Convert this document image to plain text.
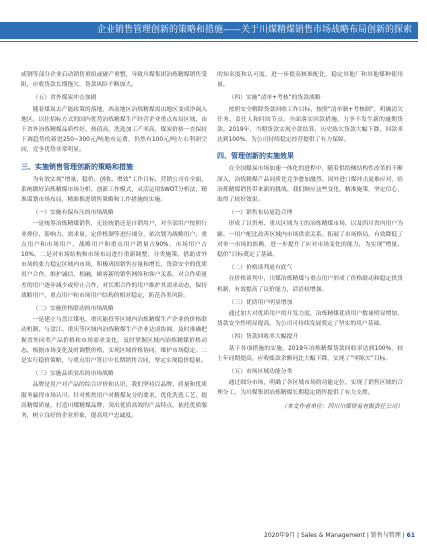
企业销售管理创新的策略和措施——关于川煤精煤销售市场战略布局创新的探索

咸钢等部分企业启动销售重组或破产重整，导致川煤集团冶炼精煤销售受阻，应收货款长期拖欠，货款风险不断加大。

（五）省外煤炭冲击加剧

随着煤炭去产能政策的落地，西南地区冶炼精煤需由地区变成净调入地区。以往招标方式的国内优势冶炼精煤生产经营企业重点布局区域，由于省外冶炼精煤品质性好、热值高，洗选加工产率高，煤炭价格一直保持下调趋势的新进250~300元/吨地市运费，仍然有100元/吨左右利润空间，竞争优势非常明显。

三、实施销售管理创新的策略和措施

为有效实现“增量、稳价、创收、增效”工作目标，营销公司在全面、系统做好冶炼精煤市场分析、创新工作模式，灵活运用SWOT分析法，精准谋划市场布局，精准推进销售策略和工作措施的实施。

（一）实施有保有压的市场战略

一是统筹冶炼精煤销售，无论统销还是自销用户，对全部用户按照行业排位、影响力、需求量、定价机制等进行细分，依次划为战略用户、重点用户和市场用户，战略用户和重点用户销量占90%，市场用户占10%。二是对市场结构和市场布局进行重新调整，分类施策，借助省外市场的张力稳定区域内市场，积极巩固销售存量和增长，货款安全的优质用户合作，维护诚信、相融，顾客新的销售网络和客户关系，对合作质量差的用户逐步减少或停止合作，对长期合作的用户维护其需求动态，保持战略用户、重点用户和市场用户结构的相对稳定，防范各类风险。

（二）实施价格联动的市场战略

一是建立与盘江煤电、重庆能投等区域内冶炼精煤生产企业的价格联动机制，与盘江、重庆等区域内冶炼精煤生产企业达成协调，及时准确把握省外同类产品价格和市场需求变化，及时掌握区域内冶炼精煤价格动态，根据市场变化及时调整价格，实现区域价格协同，维护市场稳定。二是实行稳价策略，与重点用户签订中长期销售合同，坚定实现稳价稳量。

（三）实施品质突出的市场战略

品牌是用户对产品的综合评价和认识，我们坚持以品牌、质量和优质服务赢得市场认可。针对炼焦用户对精煤灰分的要求，优化洗选工艺，提高精煤质量，打造川煤精煤品牌，突出优质高效的产品特点，依托优质服务，树立良好的企业形象，提高用户忠诚度。

的知名度和认可度，进一步提高核准配比，稳定其他厂和其他煤种使用量。

（四）实施“清单+考核”的货款战略

按照安全解除货款回收工作目标，按照“清单制+考核制”，明确清欠任务、责任人和时间节点，全面落实回款措施，力争不发生新的逾期货款。2019年，当期货款实现全款结算，历史陈欠货款大幅下降，回款率达到100%，为公司持续稳定经营提供了有力保障。

四、管理创新的实施效果

在全国煤炭市场加速一体化的进程中，随着供给侧结构性改革的不断深入，冶炼精煤产品同质化竞争愈加激烈。国外进口煤冲击更难应对，给冶炼精煤销售带来新的挑战。我们顺应这些变化，精准施策，坚定信心，取得了较好效果。

（一）销售布局更趋合理

形成了以贵州、重庆区域为主的冶炼精煤市场，以及四川省内用户为辅、一用户配比改善区域内市场供需关系。拓展了市场格局，有效降低了对单一市场的依赖，进一步提升了应对市场变化的能力，为实现“增量、稳价”目标奠定了基础。

（二）价格谈判更有底气

在价格谈判中，川煤冶炼精煤与重点用户形成了价格联动和稳定供货机制，有效提高了议价能力，话语权增强。

（三）优质用户明显增加

通过加大对优质用户的开发力度，冶炼精煤优质用户数量明显增加，货款安全性明显提高，为公司可持续发展奠定了坚实的用户基础。

（四）货款回收率大幅提升

基于各项措施的实施，2019年冶炼精煤货款回收率达到100%，较上年同期提高，应收账款余额同比大幅下降，实现了“零陈欠”目标。

（五）市场区域功能分类

通过细分市场，明确了各区域市场的功能定位，实现了销售区域的合理分工，为川煤集团冶炼精煤长期稳定销售提供了有力支撑。

（本文作者单位：四川川煤贸易有限责任公司）

2020年9月 | Sales & Management | 销售与管理 | 61
